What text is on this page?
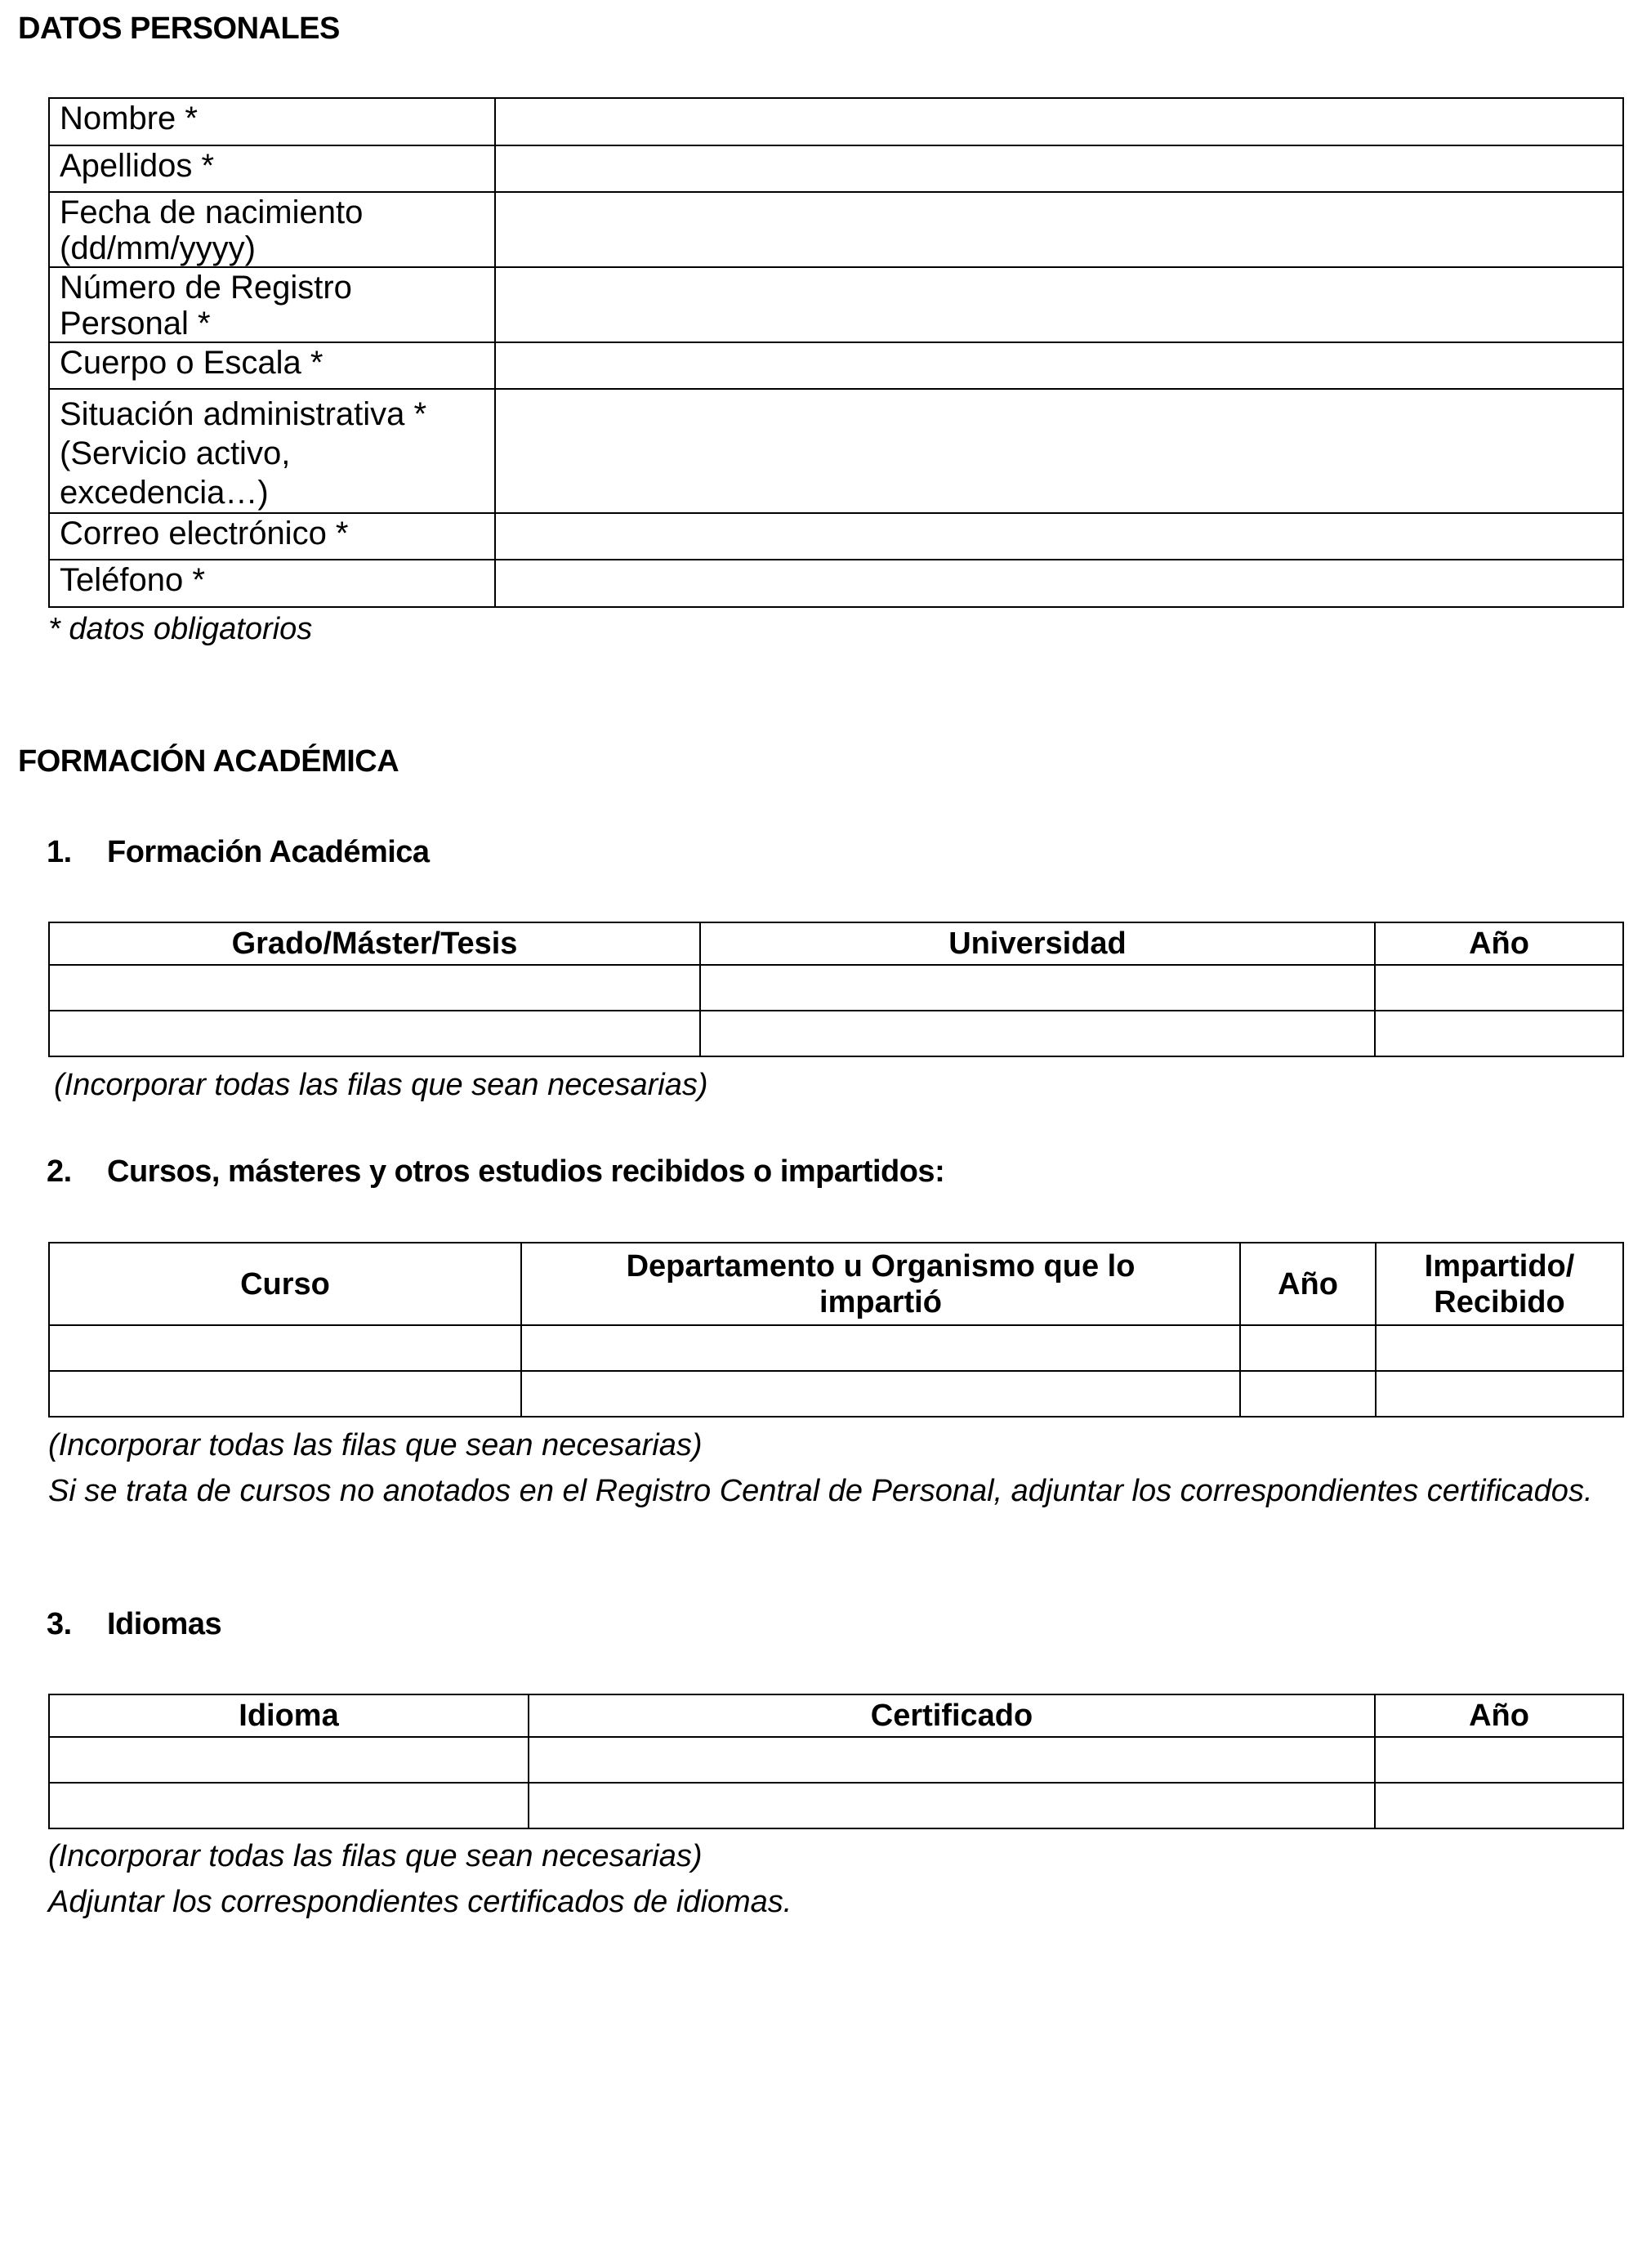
DATOS PERSONALES
Nombre *	
Apellidos *	
Fecha de nacimiento (dd/mm/yyyy)	
Número de Registro Personal *	
Cuerpo o Escala *	
Situación administrativa * (Servicio activo, excedencia…)	
Correo electrónico *	
Teléfono *	
* datos obligatorios
FORMACIÓN ACADÉMICA
1. Formación Académica
Grado/Máster/Tesis	Universidad	Año

(Incorporar todas las filas que sean necesarias)
2. Cursos, másteres y otros estudios recibidos o impartidos:
Curso	Departamento u Organismo que lo impartió	Año	Impartido/ Recibido

(Incorporar todas las filas que sean necesarias)
Si se trata de cursos no anotados en el Registro Central de Personal, adjuntar los correspondientes certificados.
3. Idiomas
Idioma	Certificado	Año

(Incorporar todas las filas que sean necesarias)
Adjuntar los correspondientes certificados de idiomas.
